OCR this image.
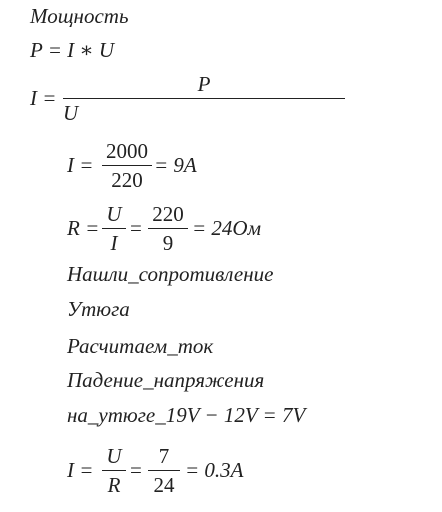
Мощность
P = I ∗ U
I =
P
U
I =
2000
220
= 9A
R =
U
I
=
220
9
= 24Ом
Нашли_сопротивление
Утюга
Расчитаем_ток
Падение_напряжения
на_утюге_19V − 12V = 7V
I =
U
R
=
7
24
= 0.3A
